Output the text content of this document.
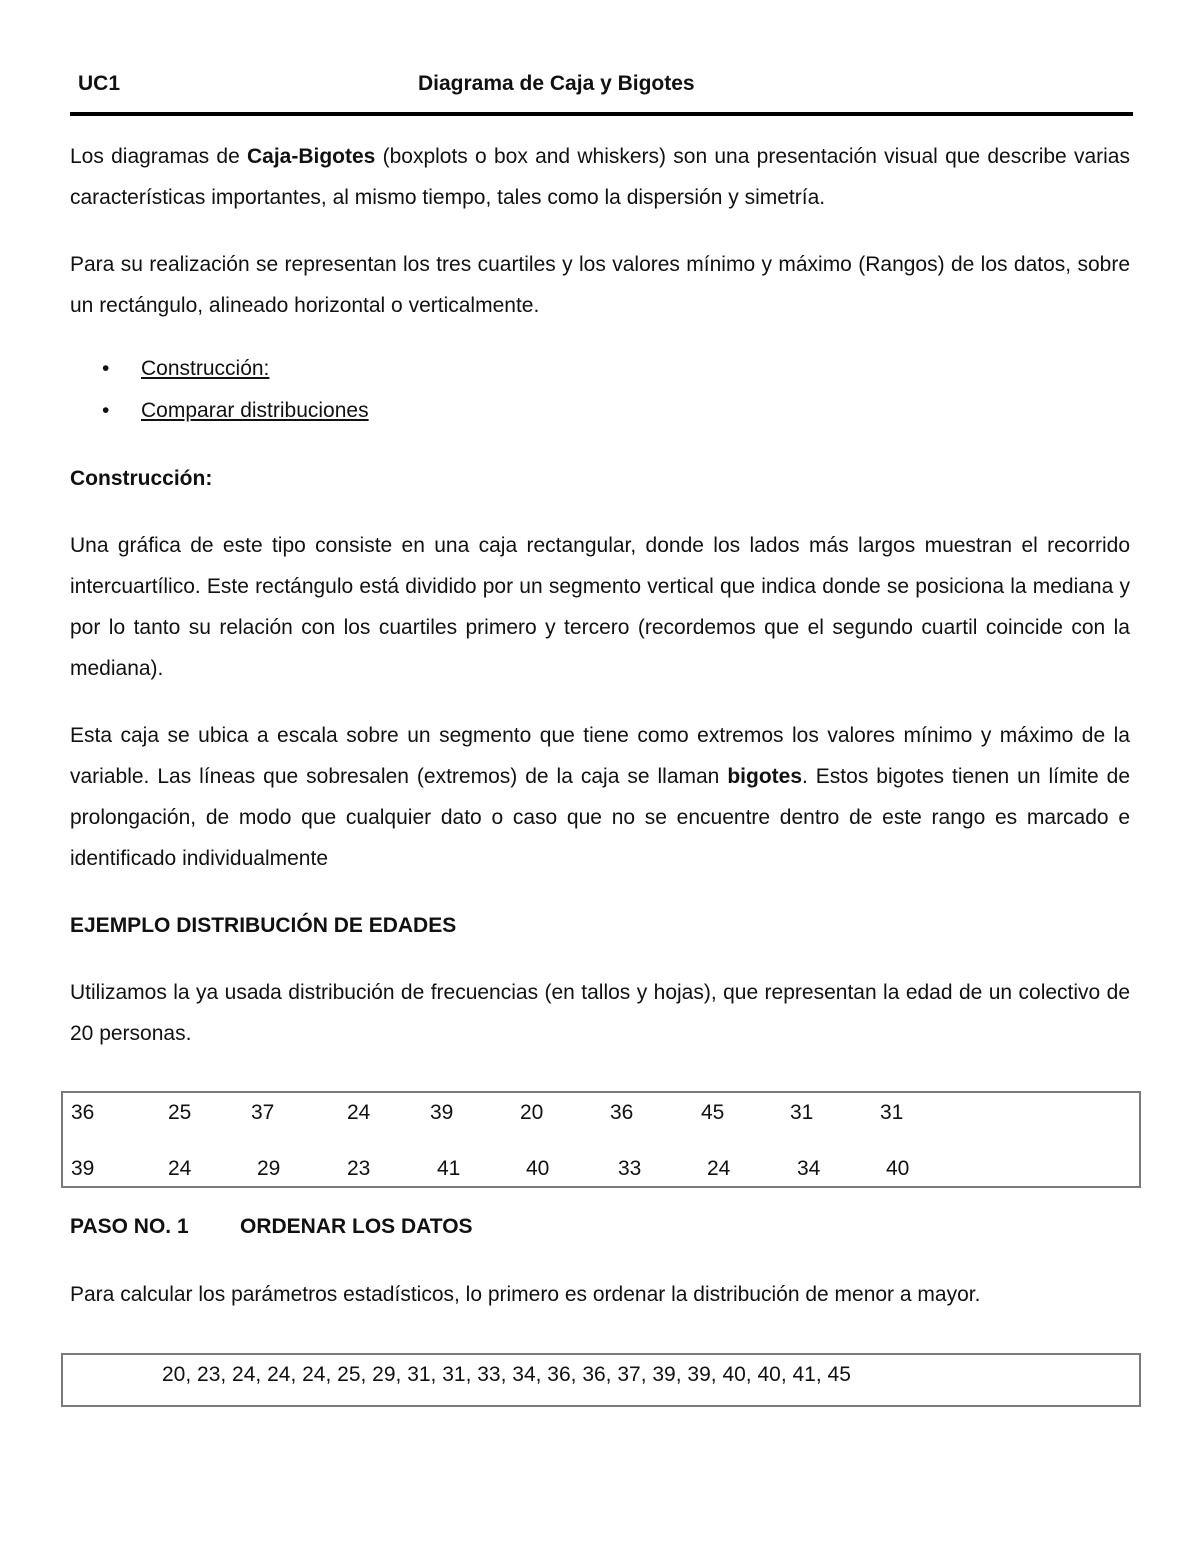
UC1	Diagrama de Caja y Bigotes

Los diagramas de Caja-Bigotes (boxplots o box and whiskers) son una presentación visual que describe varias características importantes, al mismo tiempo, tales como la dispersión y simetría.

Para su realización se representan los tres cuartiles y los valores mínimo y máximo (Rangos) de los datos, sobre un rectángulo, alineado horizontal o verticalmente.

• Construcción:
• Comparar distribuciones

Construcción:

Una gráfica de este tipo consiste en una caja rectangular, donde los lados más largos muestran el recorrido intercuartílico. Este rectángulo está dividido por un segmento vertical que indica donde se posiciona la mediana y por lo tanto su relación con los cuartiles primero y tercero (recordemos que el segundo cuartil coincide con la mediana).

Esta caja se ubica a escala sobre un segmento que tiene como extremos los valores mínimo y máximo de la variable. Las líneas que sobresalen (extremos) de la caja se llaman bigotes. Estos bigotes tienen un límite de prolongación, de modo que cualquier dato o caso que no se encuentre dentro de este rango es marcado e identificado individualmente

EJEMPLO DISTRIBUCIÓN DE EDADES

Utilizamos la ya usada distribución de frecuencias (en tallos y hojas), que representan la edad de un colectivo de 20 personas.

36	25	37	24	39	20	36	45	31	31
39	24	29	23	41	40	33	24	34	40
PASO NO. 1 ORDENAR LOS DATOS
Para calcular los parámetros estadísticos, lo primero es ordenar la distribución de menor a mayor.
20, 23, 24, 24, 24, 25, 29, 31, 31, 33, 34, 36, 36, 37, 39, 39, 40, 40, 41, 45
